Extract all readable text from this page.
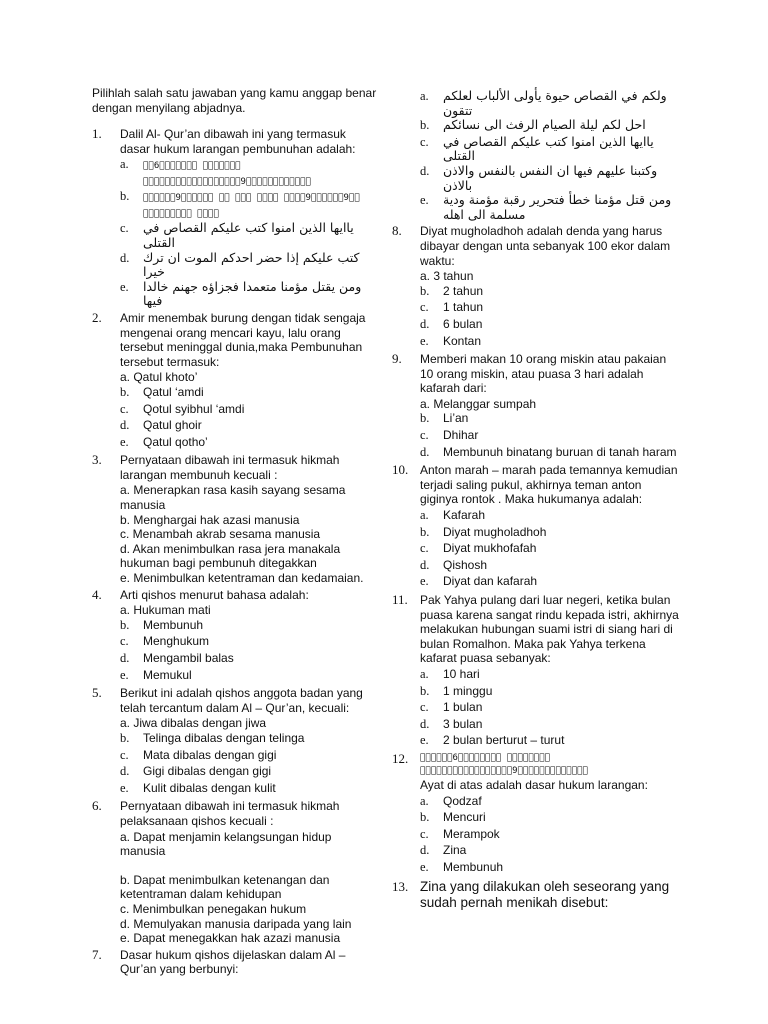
Pilihlah salah satu jawaban yang kamu anggap benar dengan menyilang abjadnya.

1. Dalil Al- Qur’an dibawah ini yang termasuk dasar hukum larangan pembunuhan adalah:
a. 󰀁󰀁6󰀁󰀁󰀁󰀁󰀁󰀁󰀁 󰀁󰀁󰀁󰀁󰀁󰀁󰀁 󰀁󰀁󰀁󰀁󰀁󰀁󰀁󰀁󰀁󰀁󰀁󰀁󰀁󰀁󰀁󰀁󰀁󰀁9󰀁󰀁󰀁󰀁󰀁󰀁󰀁󰀁󰀁󰀁󰀁󰀁
b. 󰀁󰀁󰀁󰀁󰀁󰀁9󰀁󰀁󰀁󰀁󰀁󰀁 󰀁󰀁 󰀁󰀁󰀁 󰀁󰀁󰀁󰀁 󰀁󰀁󰀁󰀁9󰀁󰀁󰀁󰀁󰀁󰀁9󰀁󰀁 󰀁󰀁󰀁󰀁󰀁󰀁󰀁󰀁󰀁 󰀁󰀁󰀁󰀁
c. ياايها الذين امنوا كتب عليكم القصاص في القتلى
d. كتب عليكم إذا حضر احدكم الموت ان ترك خيرا
e. ومن يقتل مؤمنا متعمدا فجزاؤه جهنم خالدا فيها
2. Amir menembak burung dengan tidak sengaja mengenai orang mencari kayu, lalu orang tersebut meninggal dunia,maka Pembunuhan tersebut termasuk:
a. Qatul khoto’
b. Qatul ‘amdi
c. Qotul syibhul ‘amdi
d. Qatul ghoir
e. Qatul qotho’
3. Pernyataan dibawah ini termasuk hikmah larangan membunuh kecuali :
a. Menerapkan rasa kasih sayang sesama manusia
b. Menghargai hak azasi manusia
c. Menambah akrab sesama manusia
d. Akan menimbulkan rasa jera manakala hukuman bagi pembunuh ditegakkan
e. Menimbulkan ketentraman dan kedamaian.
4. Arti qishos menurut bahasa adalah:
a. Hukuman mati
b. Membunuh
c. Menghukum
d. Mengambil balas
e. Memukul
5. Berikut ini adalah qishos anggota badan yang telah tercantum dalam Al – Qur’an, kecuali:
a. Jiwa dibalas dengan jiwa
b. Telinga dibalas dengan telinga
c. Mata dibalas dengan gigi
d. Gigi dibalas dengan gigi
e. Kulit dibalas dengan kulit
6. Pernyataan dibawah ini termasuk hikmah pelaksanaan qishos kecuali :
a. Dapat menjamin kelangsungan hidup manusia
b. Dapat menimbulkan ketenangan dan ketentraman dalam kehidupan
c. Menimbulkan penegakan hukum
d. Memulyakan manusia daripada yang lain
e. Dapat menegakkan hak azazi manusia
7. Dasar hukum qishos dijelaskan dalam Al – Qur’an yang berbunyi:
a. ولكم في القصاص حيوة يأولى الألباب لعلكم تتقون
b. احل لكم ليلة الصيام الرفث الى نسائكم
c. ياايها الذين امنوا كتب عليكم القصاص في القتلى
d. وكتبنا عليهم فيها ان النفس بالنفس والاذن بالاذن
e. ومن قتل مؤمنا خطأ فتحرير رقبة مؤمنة ودية مسلمة الى اهله
8. Diyat mugholadhoh adalah denda yang harus dibayar dengan unta sebanyak 100 ekor dalam waktu:
a. 3 tahun
b. 2 tahun
c. 1 tahun
d. 6 bulan
e. Kontan
9. Memberi makan 10 orang miskin atau pakaian 10 orang miskin, atau puasa 3 hari adalah kafarah dari:
a. Melanggar sumpah
b. Li’an
c. Dhihar
d. Membunuh binatang buruan di tanah haram
10. Anton marah – marah pada temannya kemudian terjadi saling pukul, akhirnya teman anton giginya rontok . Maka hukumanya adalah:
a. Kafarah
b. Diyat mugholadhoh
c. Diyat mukhofafah
d. Qishosh
e. Diyat dan kafarah
11. Pak Yahya pulang dari luar negeri, ketika bulan puasa karena sangat rindu kepada istri, akhirnya melakukan hubungan suami istri di siang hari di bulan Romalhon. Maka pak Yahya terkena kafarat puasa sebanyak:
a. 10 hari
b. 1 minggu
c. 1 bulan
d. 3 bulan
e. 2 bulan berturut – turut
12. 󰀁󰀁󰀁󰀁󰀁󰀁6󰀁󰀁󰀁󰀁󰀁󰀁󰀁󰀁 󰀁󰀁󰀁󰀁󰀁󰀁󰀁󰀁 󰀁󰀁󰀁󰀁󰀁󰀁󰀁󰀁󰀁󰀁󰀁󰀁󰀁󰀁󰀁󰀁󰀁9󰀁󰀁󰀁󰀁󰀁󰀁󰀁󰀁󰀁󰀁󰀁󰀁󰀁
Ayat di atas adalah dasar hukum larangan:
a. Qodzaf
b. Mencuri
c. Merampok
d. Zina
e. Membunuh
13. Zina yang dilakukan oleh seseorang yang sudah pernah menikah disebut:
